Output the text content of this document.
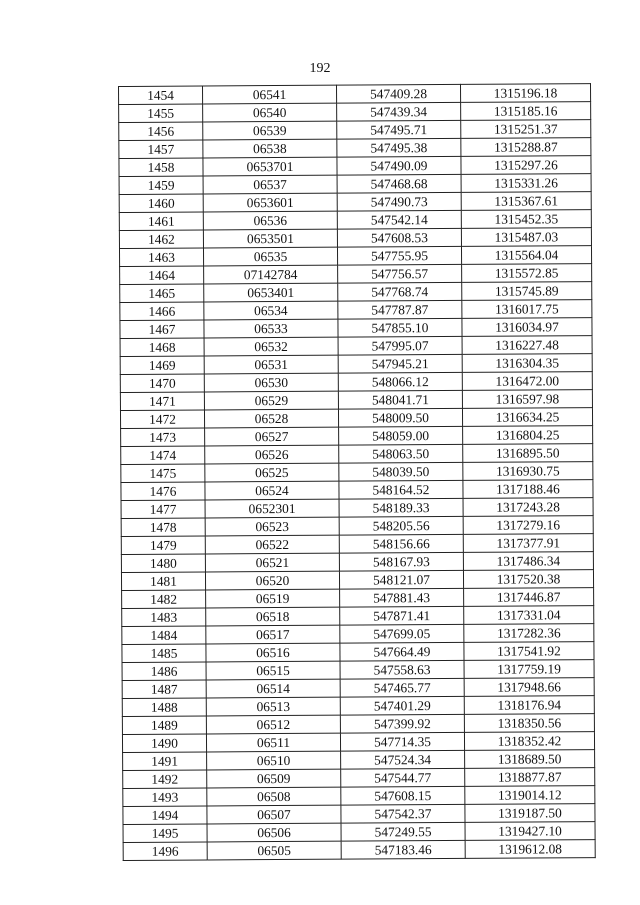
192
1454	06541	547409.28	1315196.18
1455	06540	547439.34	1315185.16
1456	06539	547495.71	1315251.37
1457	06538	547495.38	1315288.87
1458	0653701	547490.09	1315297.26
1459	06537	547468.68	1315331.26
1460	0653601	547490.73	1315367.61
1461	06536	547542.14	1315452.35
1462	0653501	547608.53	1315487.03
1463	06535	547755.95	1315564.04
1464	07142784	547756.57	1315572.85
1465	0653401	547768.74	1315745.89
1466	06534	547787.87	1316017.75
1467	06533	547855.10	1316034.97
1468	06532	547995.07	1316227.48
1469	06531	547945.21	1316304.35
1470	06530	548066.12	1316472.00
1471	06529	548041.71	1316597.98
1472	06528	548009.50	1316634.25
1473	06527	548059.00	1316804.25
1474	06526	548063.50	1316895.50
1475	06525	548039.50	1316930.75
1476	06524	548164.52	1317188.46
1477	0652301	548189.33	1317243.28
1478	06523	548205.56	1317279.16
1479	06522	548156.66	1317377.91
1480	06521	548167.93	1317486.34
1481	06520	548121.07	1317520.38
1482	06519	547881.43	1317446.87
1483	06518	547871.41	1317331.04
1484	06517	547699.05	1317282.36
1485	06516	547664.49	1317541.92
1486	06515	547558.63	1317759.19
1487	06514	547465.77	1317948.66
1488	06513	547401.29	1318176.94
1489	06512	547399.92	1318350.56
1490	06511	547714.35	1318352.42
1491	06510	547524.34	1318689.50
1492	06509	547544.77	1318877.87
1493	06508	547608.15	1319014.12
1494	06507	547542.37	1319187.50
1495	06506	547249.55	1319427.10
1496	06505	547183.46	1319612.08
